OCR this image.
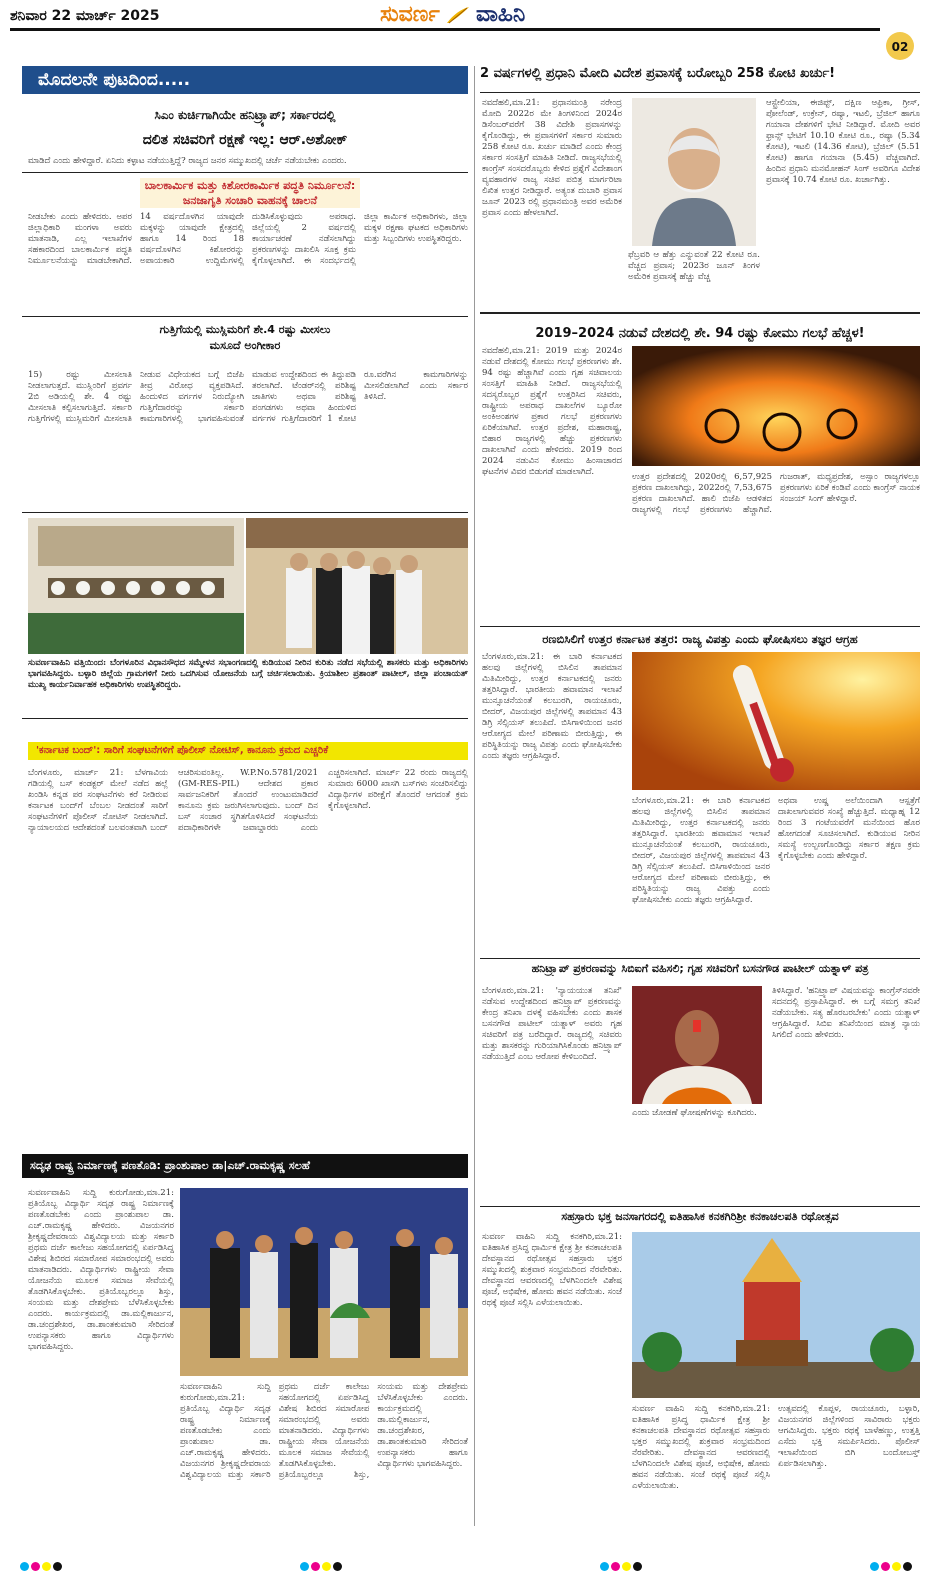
ಶನಿವಾರ 22 ಮಾರ್ಚ್ 2025	ಸುವರ್ಣ ವಾಹಿನಿ
02
ಮೊದಲನೇ ಪುಟದಿಂದ.....
ಸಿಎಂ ಕುರ್ಚಿಗಾಗಿಯೇ ಹನಿಟ್ರ್ಯಾಪ್; ಸರ್ಕಾರದಲ್ಲಿ
ದಲಿತ ಸಚಿವರಿಗೆ ರಕ್ಷಣೆ ಇಲ್ಲ: ಆರ್.ಅಶೋಕ್
ಮಾಡಿದೆ ಎಂದು ಹೇಳಿದ್ದಾರೆ. ಏನಿದು ಕಳ್ಳಾಟ ನಡೆಯುತ್ತಿದ್ದೆ? ರಾಜ್ಯದ ಜನರ ಸಮ್ಮುಖದಲ್ಲಿ ಚರ್ಚೆ ನಡೆಯಬೇಕು ಎಂದರು.
ಬಾಲಕಾರ್ಮಿಕ ಮತ್ತು ಕಿಶೋರಕಾರ್ಮಿಕ ಪದ್ಧತಿ ನಿರ್ಮೂಲನೆ: ಜನಜಾಗೃತಿ ಸಂಚಾರಿ ವಾಹನಕ್ಕೆ ಚಾಲನೆ
ನೀಡಬೇಕು ಎಂದು ಹೇಳಿದರು. ಅಪರ ಜಿಲ್ಲಾಧಿಕಾರಿ ಮಂಗಳಾ ಅವರು ಮಾತನಾಡಿ, ಎಲ್ಲ ಇಲಾಖೆಗಳ ಸಹಕಾರದಿಂದ ಬಾಲಕಾರ್ಮಿಕ ಪದ್ಧತಿ ನಿರ್ಮೂಲನೆಯನ್ನು ಮಾಡಬೇಕಾಗಿದೆ. 14 ವರ್ಷದೊಳಗಿನ ಯಾವುದೇ ಮಕ್ಕಳನ್ನು ಯಾವುದೇ ಕ್ಷೇತ್ರದಲ್ಲಿ ಹಾಗೂ 14 ರಿಂದ 18 ವರ್ಷದೊಳಗಿನ ಕಿಶೋರರನ್ನು ಅಪಾಯಕಾರಿ ಉದ್ದಿಮೆಗಳಲ್ಲಿ ದುಡಿಸಿಕೊಳ್ಳುವುದು ಅಪರಾಧ. ಜಿಲ್ಲೆಯಲ್ಲಿ 2 ವರ್ಷದಲ್ಲಿ ಕಾರ್ಯಾಚರಣೆ ನಡೆಸಲಾಗಿದ್ದು ಪ್ರಕರಣಗಳನ್ನು ದಾಖಲಿಸಿ ಸೂಕ್ತ ಕ್ರಮ ಕೈಗೊಳ್ಳಲಾಗಿದೆ. ಈ ಸಂದರ್ಭದಲ್ಲಿ ಜಿಲ್ಲಾ ಕಾರ್ಮಿಕ ಅಧಿಕಾರಿಗಳು, ಜಿಲ್ಲಾ ಮಕ್ಕಳ ರಕ್ಷಣಾ ಘಟಕದ ಅಧಿಕಾರಿಗಳು ಮತ್ತು ಸಿಬ್ಬಂದಿಗಳು ಉಪಸ್ಥಿತರಿದ್ದರು.
ಗುತ್ತಿಗೆಯಲ್ಲಿ ಮುಸ್ಲಿಮರಿಗೆ ಶೇ.4 ರಷ್ಟು ಮೀಸಲು
ಮಸೂದೆ ಅಂಗೀಕಾರ
15) ರಷ್ಟು ಮೀಸಲಾತಿ ನೀಡಲಾಗುತ್ತದೆ. ಮುಸ್ಲಿಂರಿಗೆ ಪ್ರವರ್ಗ 2ಬಿ ಅಡಿಯಲ್ಲಿ ಶೇ. 4 ರಷ್ಟು ಮೀಸಲಾತಿ ಕಲ್ಪಿಸಲಾಗುತ್ತಿದೆ. ಸರ್ಕಾರಿ ಗುತ್ತಿಗೆಗಳಲ್ಲಿ ಮುಸ್ಲಿಮರಿಗೆ ಮೀಸಲಾತಿ ನೀಡುವ ವಿಧೇಯಕದ ಬಗ್ಗೆ ಬಿಜೆಪಿ ತೀವ್ರ ವಿರೋಧ ವ್ಯಕ್ತಪಡಿಸಿದೆ. ಹಿಂದುಳಿದ ವರ್ಗಗಳ ನಿರುದ್ಯೋಗಿ ಗುತ್ತಿಗೆದಾರರನ್ನು ಸರ್ಕಾರಿ ಕಾಮಗಾರಿಗಳಲ್ಲಿ ಭಾಗವಹಿಸುವಂತೆ ಮಾಡುವ ಉದ್ದೇಶದಿಂದ ಈ ತಿದ್ದುಪಡಿ ತರಲಾಗಿದೆ. ಟೆಂಡರ್‌ನಲ್ಲಿ ಪರಿಶಿಷ್ಟ ಜಾತಿಗಳು ಅಥವಾ ಪರಿಶಿಷ್ಟ ಪಂಗಡಗಳು ಅಥವಾ ಹಿಂದುಳಿದ ವರ್ಗಗಳ ಗುತ್ತಿಗೆದಾರರಿಗೆ 1 ಕೋಟಿ ರೂ.ವರೆಗಿನ ಕಾಮಗಾರಿಗಳನ್ನು ಮೀಸಲಿಡಲಾಗಿದೆ ಎಂದು ಸರ್ಕಾರ ತಿಳಿಸಿದೆ.
ಸುವರ್ಣವಾಹಿನಿ ವತ್ತಿಯಿಂದ: ಬೆಂಗಳೂರಿನ ವಿಧಾನಸೌಧದ ಸಮ್ಮೇಳನ ಸಭಾಂಗಣದಲ್ಲಿ ಕುಡಿಯುವ ನೀರಿನ ಕುರಿತು ನಡೆದ ಸಭೆಯಲ್ಲಿ ಶಾಸಕರು ಮತ್ತು ಅಧಿಕಾರಿಗಳು ಭಾಗವಹಿಸಿದ್ದರು. ಬಳ್ಳಾರಿ ಜಿಲ್ಲೆಯ ಗ್ರಾಮಗಳಿಗೆ ನೀರು ಒದಗಿಸುವ ಯೋಜನೆಯ ಬಗ್ಗೆ ಚರ್ಚಿಸಲಾಯಿತು. ಕ್ರಿಯಾಶೀಲ ಪ್ರಶಾಂತ್ ಪಾಟೀಲ್, ಜಿಲ್ಲಾ ಪಂಚಾಯತ್ ಮುಖ್ಯ ಕಾರ್ಯನಿರ್ವಾಹಕ ಅಧಿಕಾರಿಗಳು ಉಪಸ್ಥಿತರಿದ್ದರು.
'ಕರ್ನಾಟಕ ಬಂದ್': ಸಾರಿಗೆ ಸಂಘಟನೆಗಳಿಗೆ ಪೊಲೀಸ್ ನೋಟಿಸ್, ಕಾನೂನು ಕ್ರಮದ ಎಚ್ಚರಿಕೆ
ಬೆಂಗಳೂರು, ಮಾರ್ಚ್ 21: ಬೆಳಗಾವಿಯ ಗಡಿಯಲ್ಲಿ ಬಸ್ ಕಂಡಕ್ಟರ್ ಮೇಲೆ ನಡೆದ ಹಲ್ಲೆ ಖಂಡಿಸಿ ಕನ್ನಡ ಪರ ಸಂಘಟನೆಗಳು ಕರೆ ನೀಡಿರುವ ಕರ್ನಾಟಕ ಬಂದ್‌ಗೆ ಬೆಂಬಲ ನೀಡದಂತೆ ಸಾರಿಗೆ ಸಂಘಟನೆಗಳಿಗೆ ಪೊಲೀಸ್ ನೋಟಿಸ್ ನೀಡಲಾಗಿದೆ. ನ್ಯಾಯಾಲಯದ ಆದೇಶದಂತೆ ಬಲವಂತವಾಗಿ ಬಂದ್ ಆಚರಿಸುವಂತಿಲ್ಲ. W.P.No.5781/2021 (GM-RES-PIL) ಆದೇಶದ ಪ್ರಕಾರ ಸಾರ್ವಜನಿಕರಿಗೆ ತೊಂದರೆ ಉಂಟುಮಾಡಿದರೆ ಕಾನೂನು ಕ್ರಮ ಜರುಗಿಸಲಾಗುವುದು. ಬಂದ್ ದಿನ ಬಸ್ ಸಂಚಾರ ಸ್ಥಗಿತಗೊಳಿಸಿದರೆ ಸಂಘಟನೆಯ ಪದಾಧಿಕಾರಿಗಳೇ ಜವಾಬ್ದಾರರು ಎಂದು ಎಚ್ಚರಿಸಲಾಗಿದೆ. ಮಾರ್ಚ್ 22 ರಂದು ರಾಜ್ಯದಲ್ಲಿ ಸುಮಾರು 6000 ಖಾಸಗಿ ಬಸ್‌ಗಳು ಸಂಚರಿಸಲಿದ್ದು ವಿದ್ಯಾರ್ಥಿಗಳ ಪರೀಕ್ಷೆಗೆ ತೊಂದರೆ ಆಗದಂತೆ ಕ್ರಮ ಕೈಗೊಳ್ಳಲಾಗಿದೆ.
ಸದೃಢ ರಾಷ್ಟ್ರ ನಿರ್ಮಾಣಕ್ಕೆ ಪಣತೊಡಿ: ಪ್ರಾಂಶುಪಾಲ ಡಾ|ಎಚ್.ರಾಮಕೃಷ್ಣ ಸಲಹೆ
ಸುವರ್ಣವಾಹಿನಿ ಸುದ್ದಿ ಕುರುಗೋಡು,ಮಾ.21: ಪ್ರತಿಯೊಬ್ಬ ವಿದ್ಯಾರ್ಥಿ ಸದೃಢ ರಾಷ್ಟ್ರ ನಿರ್ಮಾಣಕ್ಕೆ ಪಣತೊಡಬೇಕು ಎಂದು ಪ್ರಾಂಶುಪಾಲ ಡಾ. ಎಚ್.ರಾಮಕೃಷ್ಣ ಹೇಳಿದರು. ವಿಜಯನಗರ ಶ್ರೀಕೃಷ್ಣದೇವರಾಯ ವಿಶ್ವವಿದ್ಯಾಲಯ ಮತ್ತು ಸರ್ಕಾರಿ ಪ್ರಥಮ ದರ್ಜೆ ಕಾಲೇಜು ಸಹಯೋಗದಲ್ಲಿ ಏರ್ಪಡಿಸಿದ್ದ ವಿಶೇಷ ಶಿಬಿರದ ಸಮಾರೋಪ ಸಮಾರಂಭದಲ್ಲಿ ಅವರು ಮಾತನಾಡಿದರು. ವಿದ್ಯಾರ್ಥಿಗಳು ರಾಷ್ಟ್ರೀಯ ಸೇವಾ ಯೋಜನೆಯ ಮೂಲಕ ಸಮಾಜ ಸೇವೆಯಲ್ಲಿ ತೊಡಗಿಸಿಕೊಳ್ಳಬೇಕು. ಪ್ರತಿಯೊಬ್ಬರಲ್ಲೂ ಶಿಸ್ತು, ಸಂಯಮ ಮತ್ತು ದೇಶಪ್ರೇಮ ಬೆಳೆಸಿಕೊಳ್ಳಬೇಕು ಎಂದರು. ಕಾರ್ಯಕ್ರಮದಲ್ಲಿ ಡಾ.ಮಲ್ಲಿಕಾರ್ಜುನ, ಡಾ.ಚಂದ್ರಶೇಖರ, ಡಾ.ಶಾಂತಕುಮಾರಿ ಸೇರಿದಂತೆ ಉಪನ್ಯಾಸಕರು ಹಾಗೂ ವಿದ್ಯಾರ್ಥಿಗಳು ಭಾಗವಹಿಸಿದ್ದರು.
ಸುವರ್ಣವಾಹಿನಿ ಸುದ್ದಿ ಕುರುಗೋಡು,ಮಾ.21: ಪ್ರತಿಯೊಬ್ಬ ವಿದ್ಯಾರ್ಥಿ ಸದೃಢ ರಾಷ್ಟ್ರ ನಿರ್ಮಾಣಕ್ಕೆ ಪಣತೊಡಬೇಕು ಎಂದು ಪ್ರಾಂಶುಪಾಲ ಡಾ. ಎಚ್.ರಾಮಕೃಷ್ಣ ಹೇಳಿದರು. ವಿಜಯನಗರ ಶ್ರೀಕೃಷ್ಣದೇವರಾಯ ವಿಶ್ವವಿದ್ಯಾಲಯ ಮತ್ತು ಸರ್ಕಾರಿ ಪ್ರಥಮ ದರ್ಜೆ ಕಾಲೇಜು ಸಹಯೋಗದಲ್ಲಿ ಏರ್ಪಡಿಸಿದ್ದ ವಿಶೇಷ ಶಿಬಿರದ ಸಮಾರೋಪ ಸಮಾರಂಭದಲ್ಲಿ ಅವರು ಮಾತನಾಡಿದರು. ವಿದ್ಯಾರ್ಥಿಗಳು ರಾಷ್ಟ್ರೀಯ ಸೇವಾ ಯೋಜನೆಯ ಮೂಲಕ ಸಮಾಜ ಸೇವೆಯಲ್ಲಿ ತೊಡಗಿಸಿಕೊಳ್ಳಬೇಕು. ಪ್ರತಿಯೊಬ್ಬರಲ್ಲೂ ಶಿಸ್ತು, ಸಂಯಮ ಮತ್ತು ದೇಶಪ್ರೇಮ ಬೆಳೆಸಿಕೊಳ್ಳಬೇಕು ಎಂದರು. ಕಾರ್ಯಕ್ರಮದಲ್ಲಿ ಡಾ.ಮಲ್ಲಿಕಾರ್ಜುನ, ಡಾ.ಚಂದ್ರಶೇಖರ, ಡಾ.ಶಾಂತಕುಮಾರಿ ಸೇರಿದಂತೆ ಉಪನ್ಯಾಸಕರು ಹಾಗೂ ವಿದ್ಯಾರ್ಥಿಗಳು ಭಾಗವಹಿಸಿದ್ದರು.
2 ವರ್ಷಗಳಲ್ಲಿ ಪ್ರಧಾನಿ ಮೋದಿ ವಿದೇಶ ಪ್ರವಾಸಕ್ಕೆ ಬರೋಬ್ಬರಿ 258 ಕೋಟಿ ಖರ್ಚು!
ನವದೆಹಲಿ,ಮಾ.21: ಪ್ರಧಾನಮಂತ್ರಿ ನರೇಂದ್ರ ಮೋದಿ 2022ರ ಮೇ ತಿಂಗಳಿನಿಂದ 2024ರ ಡಿಸೆಂಬರ್‌ವರೆಗೆ 38 ವಿದೇಶಿ ಪ್ರವಾಸಗಳನ್ನು ಕೈಗೊಂಡಿದ್ದು, ಈ ಪ್ರವಾಸಗಳಿಗೆ ಸರ್ಕಾರ ಸುಮಾರು 258 ಕೋಟಿ ರೂ. ಖರ್ಚು ಮಾಡಿದೆ ಎಂದು ಕೇಂದ್ರ ಸರ್ಕಾರ ಸಂಸತ್ತಿಗೆ ಮಾಹಿತಿ ನೀಡಿದೆ. ರಾಜ್ಯಸಭೆಯಲ್ಲಿ ಕಾಂಗ್ರೆಸ್ ಸಂಸದರೊಬ್ಬರು ಕೇಳಿದ ಪ್ರಶ್ನೆಗೆ ವಿದೇಶಾಂಗ ವ್ಯವಹಾರಗಳ ರಾಜ್ಯ ಸಚಿವ ಪಬಿತ್ರ ಮಾರ್ಗರಿಟಾ ಲಿಖಿತ ಉತ್ತರ ನೀಡಿದ್ದಾರೆ. ಅತ್ಯಂತ ದುಬಾರಿ ಪ್ರವಾಸ ಜೂನ್ 2023 ರಲ್ಲಿ ಪ್ರಧಾನಮಂತ್ರಿ ಅವರ ಅಮೆರಿಕ ಪ್ರವಾಸ ಎಂದು ಹೇಳಲಾಗಿದೆ.
ಫೆಬ್ರವರಿ ಆ ಹೆತ್ತು ಎನ್ನುವಂತೆ 22 ಕೋಟಿ ರೂ. ವೆಚ್ಚದ ಪ್ರವಾಸ; 2023ರ ಜೂನ್ ತಿಂಗಳ ಅಮೆರಿಕ ಪ್ರವಾಸಕ್ಕೆ ಹೆಚ್ಚು ವೆಚ್ಚ
ಆಸ್ಟ್ರೇಲಿಯಾ, ಈಜಿಪ್ಟ್, ದಕ್ಷಿಣ ಆಫ್ರಿಕಾ, ಗ್ರೀಸ್, ಪೋಲೆಂಡ್, ಉಕ್ರೇನ್, ರಷ್ಯಾ, ಇಟಲಿ, ಬ್ರೆಜಿಲ್ ಹಾಗೂ ಗಯಾನಾ ದೇಶಗಳಿಗೆ ಭೇಟಿ ನೀಡಿದ್ದಾರೆ. ಮೋದಿ ಅವರ ಫ್ರಾನ್ಸ್ ಭೇಟಿಗೆ 10.10 ಕೋಟಿ ರೂ., ರಷ್ಯಾ (5.34 ಕೋಟಿ), ಇಟಲಿ (14.36 ಕೋಟಿ), ಬ್ರೆಜಿಲ್ (5.51 ಕೋಟಿ) ಹಾಗೂ ಗಯಾನಾ (5.45) ವೆಚ್ಚವಾಗಿದೆ. ಹಿಂದಿನ ಪ್ರಧಾನಿ ಮನಮೋಹನ್ ಸಿಂಗ್ ಅವರಿಗೂ ವಿದೇಶ ಪ್ರವಾಸಕ್ಕೆ 10.74 ಕೋಟಿ ರೂ. ಖರ್ಚಾಗಿತ್ತು.
2019–2024 ನಡುವೆ ದೇಶದಲ್ಲಿ ಶೇ. 94 ರಷ್ಟು ಕೋಮು ಗಲಭೆ ಹೆಚ್ಚಳ!
ನವದೆಹಲಿ,ಮಾ.21: 2019 ಮತ್ತು 2024ರ ನಡುವೆ ದೇಶದಲ್ಲಿ ಕೋಮು ಗಲಭೆ ಪ್ರಕರಣಗಳು ಶೇ. 94 ರಷ್ಟು ಹೆಚ್ಚಾಗಿವೆ ಎಂದು ಗೃಹ ಸಚಿವಾಲಯ ಸಂಸತ್ತಿಗೆ ಮಾಹಿತಿ ನೀಡಿದೆ. ರಾಜ್ಯಸಭೆಯಲ್ಲಿ ಸದಸ್ಯರೊಬ್ಬರ ಪ್ರಶ್ನೆಗೆ ಉತ್ತರಿಸಿದ ಸಚಿವರು, ರಾಷ್ಟ್ರೀಯ ಅಪರಾಧ ದಾಖಲೆಗಳ ಬ್ಯೂರೋ ಅಂಕಿಅಂಶಗಳ ಪ್ರಕಾರ ಗಲಭೆ ಪ್ರಕರಣಗಳು ಏರಿಕೆಯಾಗಿವೆ. ಉತ್ತರ ಪ್ರದೇಶ, ಮಹಾರಾಷ್ಟ್ರ, ಬಿಹಾರ ರಾಜ್ಯಗಳಲ್ಲಿ ಹೆಚ್ಚು ಪ್ರಕರಣಗಳು ದಾಖಲಾಗಿವೆ ಎಂದು ಹೇಳಿದರು. 2019 ರಿಂದ 2024 ನಡುವಿನ ಕೋಮು ಹಿಂಸಾಚಾರದ ಘಟನೆಗಳ ವಿವರ ಬಿಡುಗಡೆ ಮಾಡಲಾಗಿದೆ.	ಉತ್ತರ ಪ್ರದೇಶದಲ್ಲಿ 2020ರಲ್ಲಿ 6,57,925 ಪ್ರಕರಣ ದಾಖಲಾಗಿದ್ದು, 2022ರಲ್ಲಿ 7,53,675 ಪ್ರಕರಣ ದಾಖಲಾಗಿದೆ. ಹಾಲಿ ಬಿಜೆಪಿ ಆಡಳಿತದ ರಾಜ್ಯಗಳಲ್ಲಿ ಗಲಭೆ ಪ್ರಕರಣಗಳು ಹೆಚ್ಚಾಗಿವೆ. ಗುಜರಾತ್, ಮಧ್ಯಪ್ರದೇಶ, ಅಸ್ಸಾಂ ರಾಜ್ಯಗಳಲ್ಲೂ ಪ್ರಕರಣಗಳು ಏರಿಕೆ ಕಂಡಿವೆ ಎಂದು ಕಾಂಗ್ರೆಸ್ ನಾಯಕ ಸಂಜಯ್ ಸಿಂಗ್ ಹೇಳಿದ್ದಾರೆ.
ರಣಬಿಸಿಲಿಗೆ ಉತ್ತರ ಕರ್ನಾಟಕ ತತ್ತರ: ರಾಜ್ಯ ವಿಪತ್ತು ಎಂದು ಘೋಷಿಸಲು ತಜ್ಞರ ಆಗ್ರಹ
ಬೆಂಗಳೂರು,ಮಾ.21: ಈ ಬಾರಿ ಕರ್ನಾಟಕದ ಹಲವು ಜಿಲ್ಲೆಗಳಲ್ಲಿ ಬಿಸಿಲಿನ ತಾಪಮಾನ ಮಿತಿಮೀರಿದ್ದು, ಉತ್ತರ ಕರ್ನಾಟಕದಲ್ಲಿ ಜನರು ತತ್ತರಿಸಿದ್ದಾರೆ. ಭಾರತೀಯ ಹವಾಮಾನ ಇಲಾಖೆ ಮುನ್ಸೂಚನೆಯಂತೆ ಕಲಬುರಗಿ, ರಾಯಚೂರು, ಬೀದರ್, ವಿಜಯಪುರ ಜಿಲ್ಲೆಗಳಲ್ಲಿ ತಾಪಮಾನ 43 ಡಿಗ್ರಿ ಸೆಲ್ಸಿಯಸ್ ತಲುಪಿದೆ. ಬಿಸಿಗಾಳಿಯಿಂದ ಜನರ ಆರೋಗ್ಯದ ಮೇಲೆ ಪರಿಣಾಮ ಬೀರುತ್ತಿದ್ದು, ಈ ಪರಿಸ್ಥಿತಿಯನ್ನು ರಾಜ್ಯ ವಿಪತ್ತು ಎಂದು ಘೋಷಿಸಬೇಕು ಎಂದು ತಜ್ಞರು ಆಗ್ರಹಿಸಿದ್ದಾರೆ.
ಬೆಂಗಳೂರು,ಮಾ.21: ಈ ಬಾರಿ ಕರ್ನಾಟಕದ ಹಲವು ಜಿಲ್ಲೆಗಳಲ್ಲಿ ಬಿಸಿಲಿನ ತಾಪಮಾನ ಮಿತಿಮೀರಿದ್ದು, ಉತ್ತರ ಕರ್ನಾಟಕದಲ್ಲಿ ಜನರು ತತ್ತರಿಸಿದ್ದಾರೆ. ಭಾರತೀಯ ಹವಾಮಾನ ಇಲಾಖೆ ಮುನ್ಸೂಚನೆಯಂತೆ ಕಲಬುರಗಿ, ರಾಯಚೂರು, ಬೀದರ್, ವಿಜಯಪುರ ಜಿಲ್ಲೆಗಳಲ್ಲಿ ತಾಪಮಾನ 43 ಡಿಗ್ರಿ ಸೆಲ್ಸಿಯಸ್ ತಲುಪಿದೆ. ಬಿಸಿಗಾಳಿಯಿಂದ ಜನರ ಆರೋಗ್ಯದ ಮೇಲೆ ಪರಿಣಾಮ ಬೀರುತ್ತಿದ್ದು, ಈ ಪರಿಸ್ಥಿತಿಯನ್ನು ರಾಜ್ಯ ವಿಪತ್ತು ಎಂದು ಘೋಷಿಸಬೇಕು ಎಂದು ತಜ್ಞರು ಆಗ್ರಹಿಸಿದ್ದಾರೆ.
ಅಥವಾ ಉಷ್ಣ ಅಲೆಯಿಂದಾಗಿ ಆಸ್ಪತ್ರೆಗೆ ದಾಖಲಾಗುವವರ ಸಂಖ್ಯೆ ಹೆಚ್ಚುತ್ತಿದೆ. ಮಧ್ಯಾಹ್ನ 12 ರಿಂದ 3 ಗಂಟೆಯವರೆಗೆ ಮನೆಯಿಂದ ಹೊರ ಹೋಗದಂತೆ ಸೂಚಿಸಲಾಗಿದೆ. ಕುಡಿಯುವ ನೀರಿನ ಸಮಸ್ಯೆ ಉಲ್ಬಣಗೊಂಡಿದ್ದು ಸರ್ಕಾರ ತಕ್ಷಣ ಕ್ರಮ ಕೈಗೊಳ್ಳಬೇಕು ಎಂದು ಹೇಳಿದ್ದಾರೆ.
ಹನಿಟ್ರ್ಯಾಪ್ ಪ್ರಕರಣವನ್ನು ಸಿಬಿಐಗೆ ವಹಿಸಲಿ; ಗೃಹ ಸಚಿವರಿಗೆ ಬಸನಗೌಡ ಪಾಟೀಲ್ ಯತ್ನಾಳ್ ಪತ್ರ
ಬೆಂಗಳೂರು,ಮಾ.21: 'ನ್ಯಾಯಯುತ ತನಿಖೆ' ನಡೆಸುವ ಉದ್ದೇಶದಿಂದ ಹನಿಟ್ರ್ಯಾಪ್ ಪ್ರಕರಣವನ್ನು ಕೇಂದ್ರ ತನಿಖಾ ದಳಕ್ಕೆ ವಹಿಸಬೇಕು ಎಂದು ಶಾಸಕ ಬಸನಗೌಡ ಪಾಟೀಲ್ ಯತ್ನಾಳ್ ಅವರು ಗೃಹ ಸಚಿವರಿಗೆ ಪತ್ರ ಬರೆದಿದ್ದಾರೆ. ರಾಜ್ಯದಲ್ಲಿ ಸಚಿವರು ಮತ್ತು ಶಾಸಕರನ್ನು ಗುರಿಯಾಗಿಸಿಕೊಂಡು ಹನಿಟ್ರ್ಯಾಪ್ ನಡೆಯುತ್ತಿದೆ ಎಂಬ ಆರೋಪ ಕೇಳಿಬಂದಿದೆ.
ಎಂದು ಜೋಡಣೆ ಘೋಷಣೆಗಳನ್ನು ಕೂಗಿದರು.
ತಿಳಿಸಿದ್ದಾರೆ. 'ಹನಿಟ್ರ್ಯಾಪ್ ವಿಷಯವನ್ನು ಕಾಂಗ್ರೆಸ್‌ನವರೇ ಸದನದಲ್ಲಿ ಪ್ರಸ್ತಾಪಿಸಿದ್ದಾರೆ. ಈ ಬಗ್ಗೆ ಸಮಗ್ರ ತನಿಖೆ ನಡೆಯಬೇಕು. ಸತ್ಯ ಹೊರಬರಬೇಕು' ಎಂದು ಯತ್ನಾಳ್ ಆಗ್ರಹಿಸಿದ್ದಾರೆ. ಸಿಬಿಐ ತನಿಖೆಯಿಂದ ಮಾತ್ರ ನ್ಯಾಯ ಸಿಗಲಿದೆ ಎಂದು ಹೇಳಿದರು.
ಸಹಸ್ರಾರು ಭಕ್ತ ಜನಸಾಗರದಲ್ಲಿ ಐತಿಹಾಸಿಕ ಕನಕಗಿರಿಶ್ರೀ ಕನಕಾಚಲಪತಿ ರಥೋತ್ಸವ
ಸುವರ್ಣ ವಾಹಿನಿ ಸುದ್ದಿ ಕನಕಗಿರಿ,ಮಾ.21: ಐತಿಹಾಸಿಕ ಪ್ರಸಿದ್ಧ ಧಾರ್ಮಿಕ ಕ್ಷೇತ್ರ ಶ್ರೀ ಕನಕಾಚಲಪತಿ ದೇವಸ್ಥಾನದ ರಥೋತ್ಸವ ಸಹಸ್ರಾರು ಭಕ್ತರ ಸಮ್ಮುಖದಲ್ಲಿ ಶುಕ್ರವಾರ ಸಂಭ್ರಮದಿಂದ ನೆರವೇರಿತು. ದೇವಸ್ಥಾನದ ಆವರಣದಲ್ಲಿ ಬೆಳಗಿನಿಂದಲೇ ವಿಶೇಷ ಪೂಜೆ, ಅಭಿಷೇಕ, ಹೋಮ ಹವನ ನಡೆಯಿತು. ಸಂಜೆ ರಥಕ್ಕೆ ಪೂಜೆ ಸಲ್ಲಿಸಿ ಎಳೆಯಲಾಯಿತು.
ಸುವರ್ಣ ವಾಹಿನಿ ಸುದ್ದಿ ಕನಕಗಿರಿ,ಮಾ.21: ಐತಿಹಾಸಿಕ ಪ್ರಸಿದ್ಧ ಧಾರ್ಮಿಕ ಕ್ಷೇತ್ರ ಶ್ರೀ ಕನಕಾಚಲಪತಿ ದೇವಸ್ಥಾನದ ರಥೋತ್ಸವ ಸಹಸ್ರಾರು ಭಕ್ತರ ಸಮ್ಮುಖದಲ್ಲಿ ಶುಕ್ರವಾರ ಸಂಭ್ರಮದಿಂದ ನೆರವೇರಿತು. ದೇವಸ್ಥಾನದ ಆವರಣದಲ್ಲಿ ಬೆಳಗಿನಿಂದಲೇ ವಿಶೇಷ ಪೂಜೆ, ಅಭಿಷೇಕ, ಹೋಮ ಹವನ ನಡೆಯಿತು. ಸಂಜೆ ರಥಕ್ಕೆ ಪೂಜೆ ಸಲ್ಲಿಸಿ ಎಳೆಯಲಾಯಿತು.
ಉತ್ಸವದಲ್ಲಿ ಕೊಪ್ಪಳ, ರಾಯಚೂರು, ಬಳ್ಳಾರಿ, ವಿಜಯನಗರ ಜಿಲ್ಲೆಗಳಿಂದ ಸಾವಿರಾರು ಭಕ್ತರು ಆಗಮಿಸಿದ್ದರು. ಭಕ್ತರು ರಥಕ್ಕೆ ಬಾಳೆಹಣ್ಣು, ಉತ್ತತ್ತಿ ಎಸೆದು ಭಕ್ತಿ ಸಮರ್ಪಿಸಿದರು. ಪೊಲೀಸ್ ಇಲಾಖೆಯಿಂದ ಬಿಗಿ ಬಂದೋಬಸ್ತ್ ಏರ್ಪಡಿಸಲಾಗಿತ್ತು.
